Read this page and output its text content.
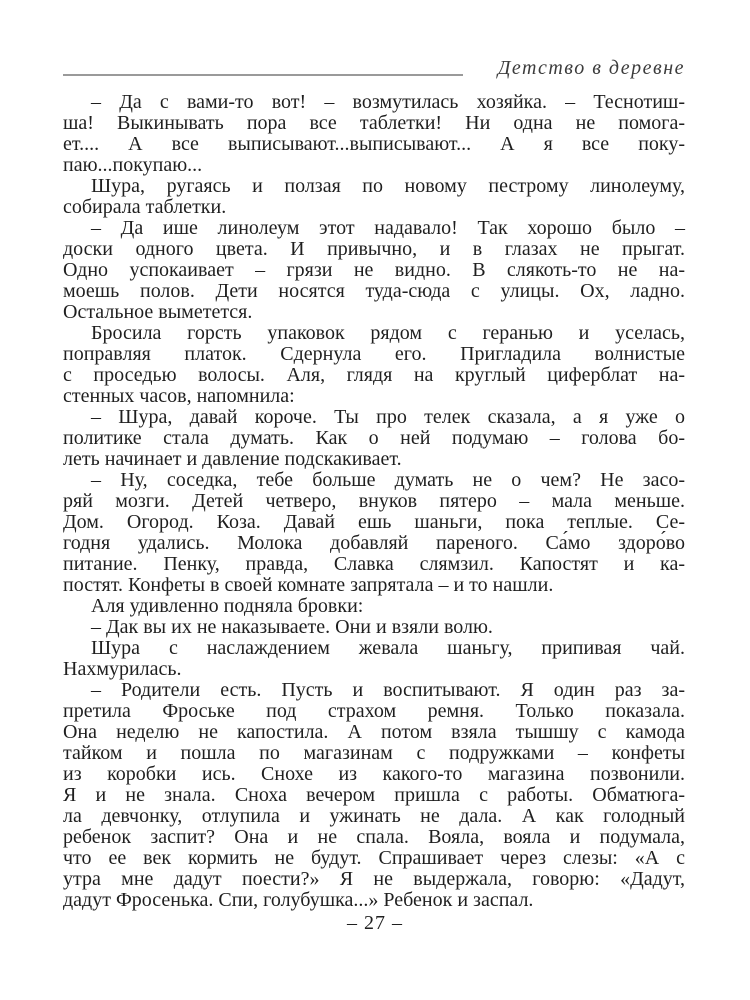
Детство в деревне
– Да с вами-то вот! – возмутилась хозяйка. – Теснотиш-
ша! Выкинывать пора все таблетки! Ни одна не помога-
ет.... А все выписывают...выписывают... А я все поку-
паю...покупаю...
Шура, ругаясь и ползая по новому пестрому линолеуму,
собирала таблетки.
– Да ише линолеум этот надавало! Так хорошо было –
доски одного цвета. И привычно, и в глазах не прыгат.
Одно успокаивает – грязи не видно. В слякоть-то не на-
моешь полов. Дети носятся туда-сюда с улицы. Ох, ладно.
Остальное выметется.
Бросила горсть упаковок рядом с геранью и уселась,
поправляя платок. Сдернула его. Пригладила волнистые
с проседью волосы. Аля, глядя на круглый циферблат на-
стенных часов, напомнила:
– Шура, давай короче. Ты про телек сказала, а я уже о
политике стала думать. Как о ней подумаю – голова бо-
леть начинает и давление подскакивает.
– Ну, соседка, тебе больше думать не о чем? Не засо-
ряй мозги. Детей четверо, внуков пятеро – мала меньше.
Дом. Огород. Коза. Давай ешь шаньги, пока теплые. Се-
годня удались. Молока добавляй пареного. Са́мо здоро́во
питание. Пенку, правда, Славка слямзил. Капостят и ка-
постят. Конфеты в своей комнате запрятала – и то нашли.
Аля удивленно подняла бровки:
– Дак вы их не наказываете. Они и взяли волю.
Шура с наслаждением жевала шаньгу, припивая чай.
Нахмурилась.
– Родители есть. Пусть и воспитывают. Я один раз за-
претила Фроське под страхом ремня. Только показала.
Она неделю не капостила. А потом взяла тышшу с камода
тайком и пошла по магазинам с подружками – конфеты
из коробки ись. Снохе из какого-то магазина позвонили.
Я и не знала. Сноха вечером пришла с работы. Обматюга-
ла девчонку, отлупила и ужинать не дала. А как голодный
ребенок заспит? Она и не спала. Вояла, вояла и подумала,
что ее век кормить не будут. Спрашивает через слезы: «А с
утра мне дадут поести?» Я не выдержала, говорю: «Дадут,
дадут Фросенька. Спи, голубушка...» Ребенок и заспал.
– 27 –
